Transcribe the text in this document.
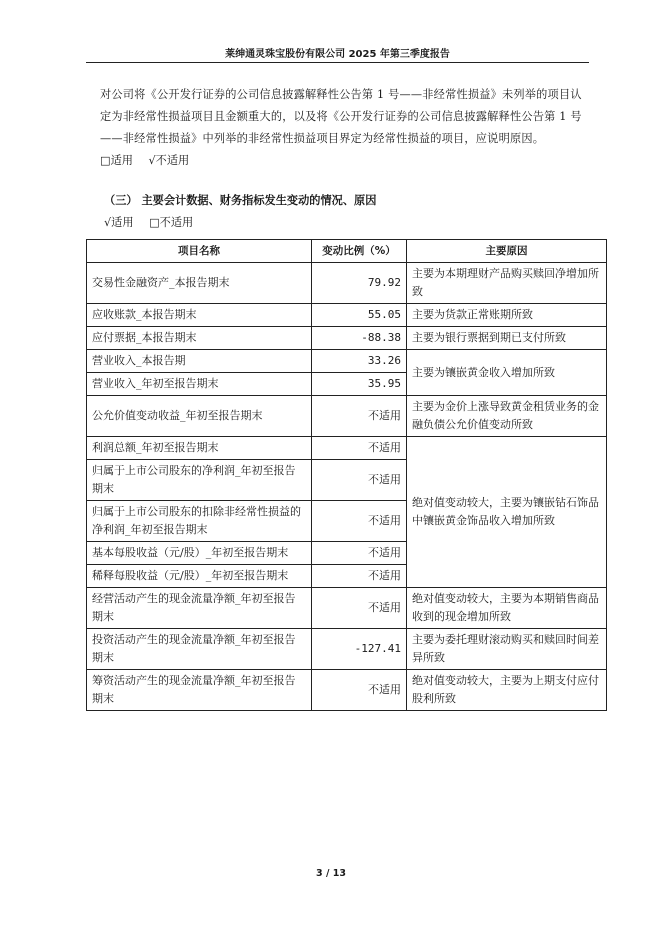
莱绅通灵珠宝股份有限公司 2025 年第三季度报告
对公司将《公开发行证券的公司信息披露解释性公告第 1 号——非经常性损益》未列举的项目认定为非经常性损益项目且金额重大的，以及将《公开发行证券的公司信息披露解释性公告第 1 号——非经常性损益》中列举的非经常性损益项目界定为经常性损益的项目，应说明原因。
□适用 √不适用
（三） 主要会计数据、财务指标发生变动的情况、原因
√适用 □不适用
项目名称	变动比例（%）	主要原因
交易性金融资产_本报告期末	79.92	主要为本期理财产品购买赎回净增加所致
应收账款_本报告期末	55.05	主要为货款正常账期所致
应付票据_本报告期末	-88.38	主要为银行票据到期已支付所致
营业收入_本报告期	33.26	主要为镶嵌黄金收入增加所致
营业收入_年初至报告期末	35.95	
公允价值变动收益_年初至报告期末	不适用	主要为金价上涨导致黄金租赁业务的金融负债公允价值变动所致
利润总额_年初至报告期末	不适用	绝对值变动较大，主要为镶嵌钻石饰品中镶嵌黄金饰品收入增加所致
归属于上市公司股东的净利润_年初至报告期末	不适用	
归属于上市公司股东的扣除非经常性损益的净利润_年初至报告期末	不适用	
基本每股收益（元/股）_年初至报告期末	不适用	
稀释每股收益（元/股）_年初至报告期末	不适用	
经营活动产生的现金流量净额_年初至报告期末	不适用	绝对值变动较大，主要为本期销售商品收到的现金增加所致
投资活动产生的现金流量净额_年初至报告期末	-127.41	主要为委托理财滚动购买和赎回时间差异所致
筹资活动产生的现金流量净额_年初至报告期末	不适用	绝对值变动较大，主要为上期支付应付股利所致
3 / 13
